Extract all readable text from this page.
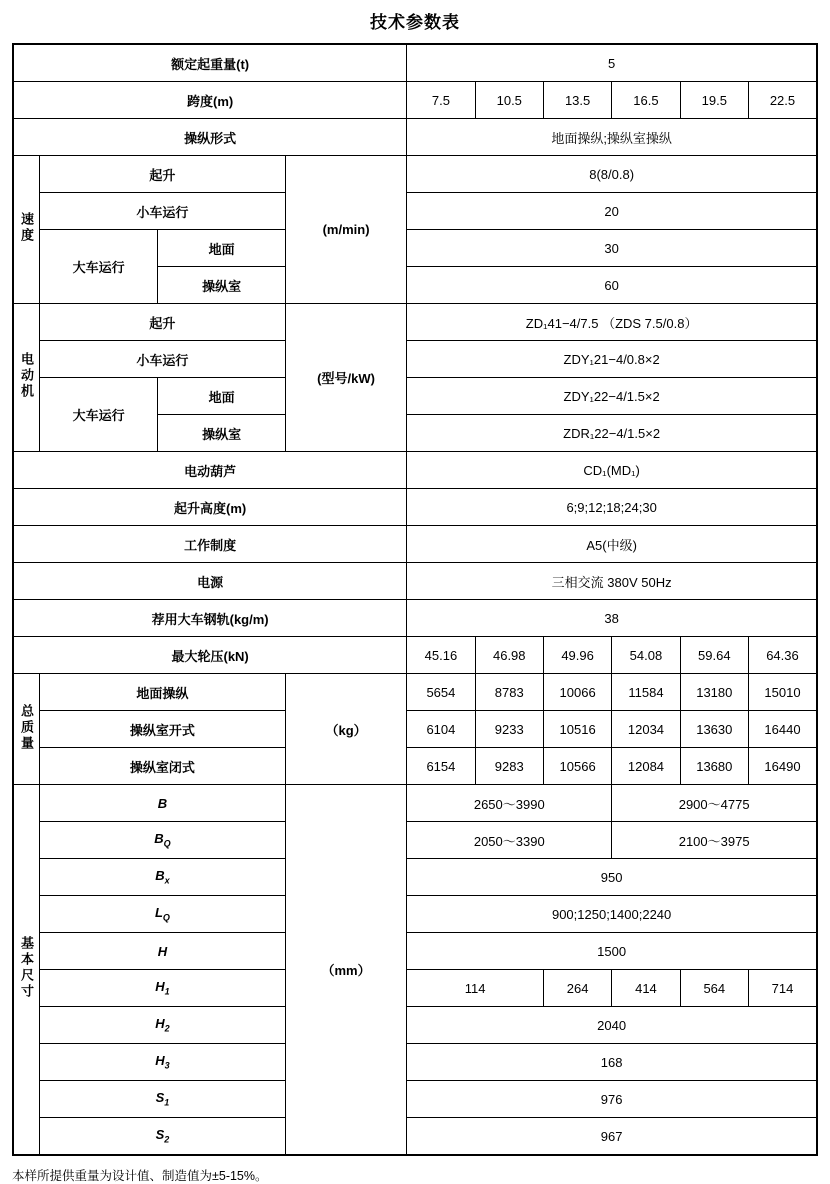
技术参数表
额定起重量(t)				5					
跨度(m)				7.5	10.5	13.5	16.5	19.5	22.5
操纵形式				地面操纵;操纵室操纵					
速度	起升		(m/min)	8(8/0.8)					
	小车运行			20					
	大车运行	地面		30					
		操纵室		60					
电动机	起升		(型号/kW)	ZD₁41−4/7.5 （ZDS 7.5/0.8）					
	小车运行			ZDY₁21−4/0.8×2					
	大车运行	地面		ZDY₁22−4/1.5×2					
		操纵室		ZDR₁22−4/1.5×2					
电动葫芦				CD₁(MD₁)					
起升高度(m)				6;9;12;18;24;30					
工作制度				A5(中级)					
电源				三相交流 380V 50Hz					
荐用大车钢轨(kg/m)				38					
最大轮压(kN)				45.16	46.98	49.96	54.08	59.64	64.36
总质量	地面操纵		（kg）	5654	8783	10066	11584	13180	15010
	操纵室开式			6104	9233	10516	12034	13630	16440
	操纵室闭式			6154	9283	10566	12084	13680	16490
基本尺寸	B		（mm）	2650～3990			2900～4775		
	$B_Q$			2050～3390			2100～3975		
	$B_x$			950					
	$L_Q$			900;1250;1400;2240					
	H			1500					
	$H_1$			114		264	414	564	714
	$H_2$			2040					
	$H_3$			168					
	$S_1$			976					
	$S_2$			967					
本样所提供重量为设计值、制造值为±5-15%。
